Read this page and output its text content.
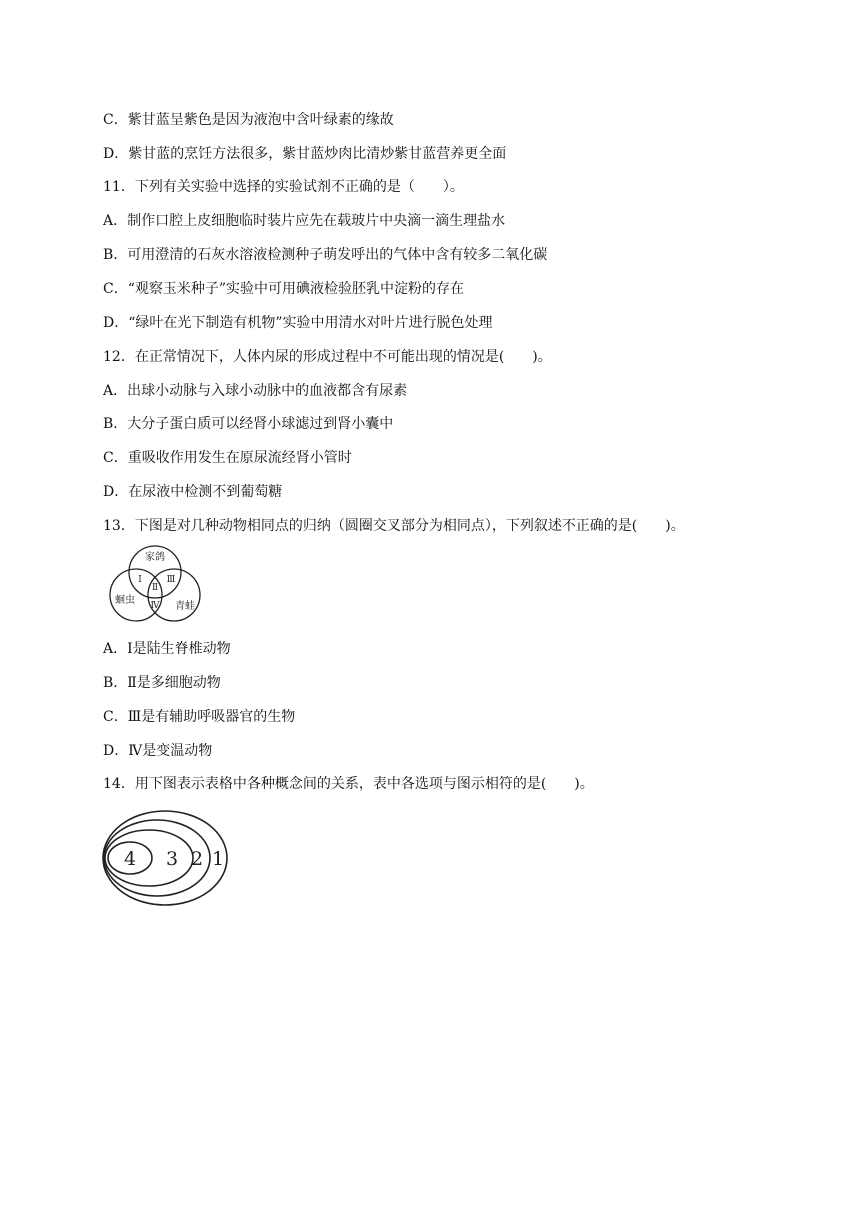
C．紫甘蓝呈紫色是因为液泡中含叶绿素的缘故
D．紫甘蓝的烹饪方法很多，紫甘蓝炒肉比清炒紫甘蓝营养更全面
11．下列有关实验中选择的实验试剂不正确的是（　　）。
A．制作口腔上皮细胞临时装片应先在载玻片中央滴一滴生理盐水
B．可用澄清的石灰水溶液检测种子萌发呼出的气体中含有较多二氧化碳
C．“观察玉米种子”实验中可用碘液检验胚乳中淀粉的存在
D．“绿叶在光下制造有机物”实验中用清水对叶片进行脱色处理
12．在正常情况下，人体内尿的形成过程中不可能出现的情况是(　　)。
A．出球小动脉与入球小动脉中的血液都含有尿素
B．大分子蛋白质可以经肾小球滤过到肾小囊中
C．重吸收作用发生在原尿流经肾小管时
D．在尿液中检测不到葡萄糖
13．下图是对几种动物相同点的归纳（圆圈交叉部分为相同点），下列叙述不正确的是(　　)。
家鸽
蛔虫
青蛙
Ⅰ
Ⅱ
Ⅲ
Ⅳ
A．Ⅰ是陆生脊椎动物
B．Ⅱ是多细胞动物
C．Ⅲ是有辅助呼吸器官的生物
D．Ⅳ是变温动物
14．用下图表示表格中各种概念间的关系，表中各选项与图示相符的是(　　)。
4 3 2 1
